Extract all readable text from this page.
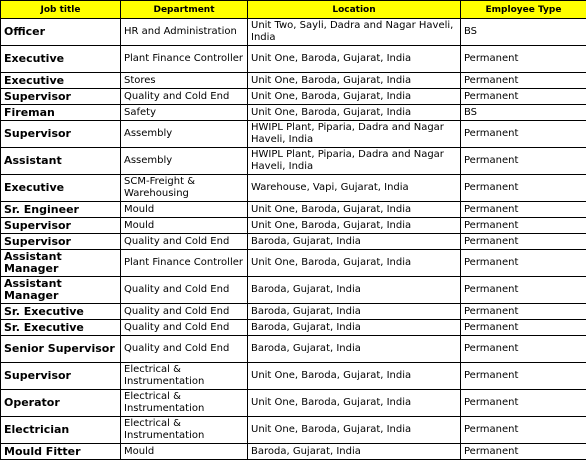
Job title	Department	Location	Employee Type
Officer	HR and Administration	Unit Two, Sayli, Dadra and Nagar Haveli, India	BS
Executive	Plant Finance Controller	Unit One, Baroda, Gujarat, India	Permanent
Executive	Stores	Unit One, Baroda, Gujarat, India	Permanent
Supervisor	Quality and Cold End	Unit One, Baroda, Gujarat, India	Permanent
Fireman	Safety	Unit One, Baroda, Gujarat, India	BS
Supervisor	Assembly	HWIPL Plant, Piparia, Dadra and Nagar Haveli, India	Permanent
Assistant	Assembly	HWIPL Plant, Piparia, Dadra and Nagar Haveli, India	Permanent
Executive	SCM-Freight & Warehousing	Warehouse, Vapi, Gujarat, India	Permanent
Sr. Engineer	Mould	Unit One, Baroda, Gujarat, India	Permanent
Supervisor	Mould	Unit One, Baroda, Gujarat, India	Permanent
Supervisor	Quality and Cold End	Baroda, Gujarat, India	Permanent
Assistant Manager	Plant Finance Controller	Unit One, Baroda, Gujarat, India	Permanent
Assistant Manager	Quality and Cold End	Baroda, Gujarat, India	Permanent
Sr. Executive	Quality and Cold End	Baroda, Gujarat, India	Permanent
Sr. Executive	Quality and Cold End	Baroda, Gujarat, India	Permanent
Senior Supervisor	Quality and Cold End	Baroda, Gujarat, India	Permanent
Supervisor	Electrical & Instrumentation	Unit One, Baroda, Gujarat, India	Permanent
Operator	Electrical & Instrumentation	Unit One, Baroda, Gujarat, India	Permanent
Electrician	Electrical & Instrumentation	Unit One, Baroda, Gujarat, India	Permanent
Mould Fitter	Mould	Baroda, Gujarat, India	Permanent
